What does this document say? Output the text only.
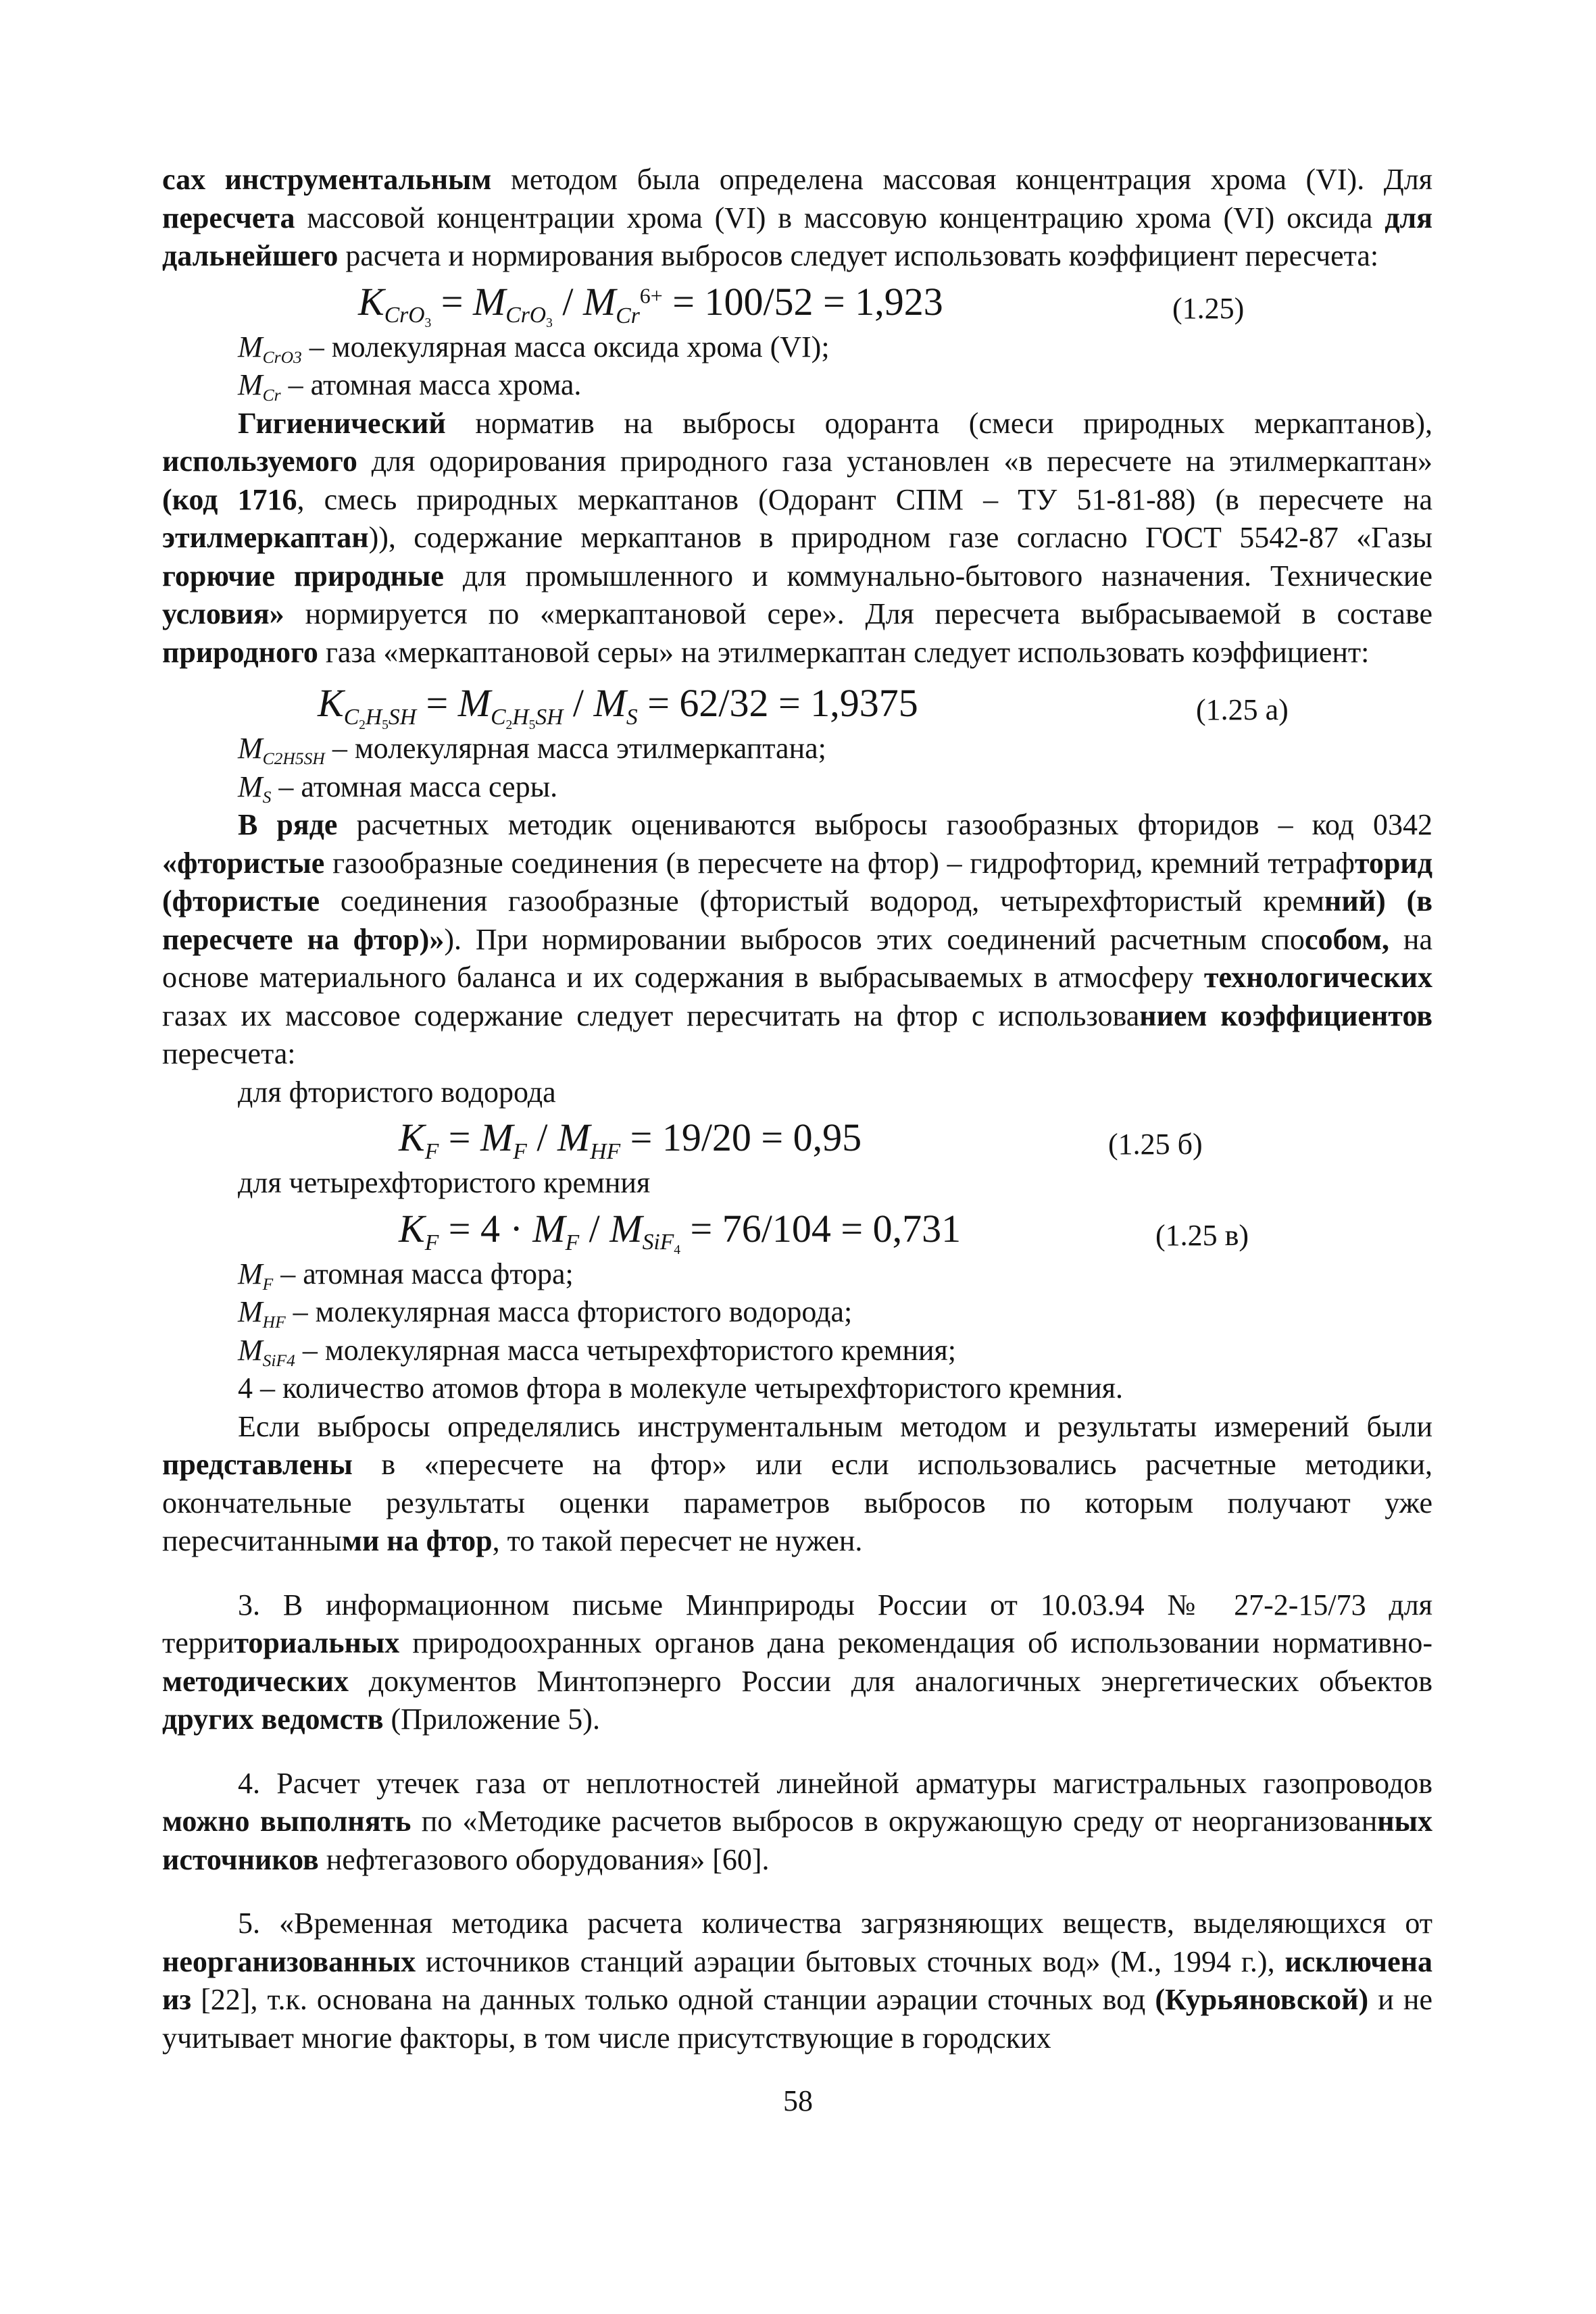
сах инструментальным методом была определена массовая концентрация хрома (VI). Для пересчета массовой концентрации хрома (VI) в массовую концентрацию хрома (VI) оксида для дальнейшего расчета и нормирования выбросов следует использовать коэффициент пересчета:

$K_{CrO_3} = M_{CrO_3} / M_{Cr}^{6+} = 100/52 = 1,923$	(1.25)

$M_{CrO3}$ – молекулярная масса оксида хрома (VI);

$M_{Cr}$ – атомная масса хрома.

Гигиенический норматив на выбросы одоранта (смеси природных меркаптанов), используемого для одорирования природного газа установлен «в пересчете на этилмеркаптан» (код 1716, смесь природных меркаптанов (Одорант СПМ – ТУ 51-81-88) (в пересчете на этилмеркаптан)), содержание меркаптанов в природном газе согласно ГОСТ 5542-87 «Газы горючие природные для промышленного и коммунально-бытового назначения. Технические условия» нормируется по «меркаптановой сере». Для пересчета выбрасываемой в составе природного газа «меркаптановой серы» на этилмеркаптан следует использовать коэффициент:

$K_{C_2H_5SH} = M_{C_2H_5SH} / M_S = 62/32 = 1,9375$	(1.25 а)

$M_{C2H5SH}$ – молекулярная масса этилмеркаптана;

$M_S$ – атомная масса серы.

В ряде расчетных методик оцениваются выбросы газообразных фторидов – код 0342 «фтористые газообразные соединения (в пересчете на фтор) – гидрофторид, кремний тетрафторид (фтористые соединения газообразные (фтористый водород, четырехфтористый кремний) (в пересчете на фтор)»). При нормировании выбросов этих соединений расчетным способом, на основе материального баланса и их содержания в выбрасываемых в атмосферу технологических газах их массовое содержание следует пересчитать на фтор с использованием коэффициентов пересчета:

для фтористого водорода

$K_F = M_F / M_{HF} = 19/20 = 0,95$	(1.25 б)

для четырехфтористого кремния

$K_F = 4 \cdot M_F / M_{SiF_4} = 76/104 = 0,731$	(1.25 в)

$M_F$ – атомная масса фтора;

$M_{HF}$ – молекулярная масса фтористого водорода;

$M_{SiF4}$ – молекулярная масса четырехфтористого кремния;

4 – количество атомов фтора в молекуле четырехфтористого кремния.

Если выбросы определялись инструментальным методом и результаты измерений были представлены в «пересчете на фтор» или если использовались расчетные методики, окончательные результаты оценки параметров выбросов по которым получают уже пересчитанными на фтор, то такой пересчет не нужен.

3. В информационном письме Минприроды России от 10.03.94 № 27-2-15/73 для территориальных природоохранных органов дана рекомендация об использовании нормативно-методических документов Минтопэнерго России для аналогичных энергетических объектов других ведомств (Приложение 5).

4. Расчет утечек газа от неплотностей линейной арматуры магистральных газопроводов можно выполнять по «Методике расчетов выбросов в окружающую среду от неорганизованных источников нефтегазового оборудования» [60].

5. «Временная методика расчета количества загрязняющих веществ, выделяющихся от неорганизованных источников станций аэрации бытовых сточных вод» (М., 1994 г.), исключена из [22], т.к. основана на данных только одной станции аэрации сточных вод (Курьяновской) и не учитывает многие факторы, в том числе присутствующие в городских

58
